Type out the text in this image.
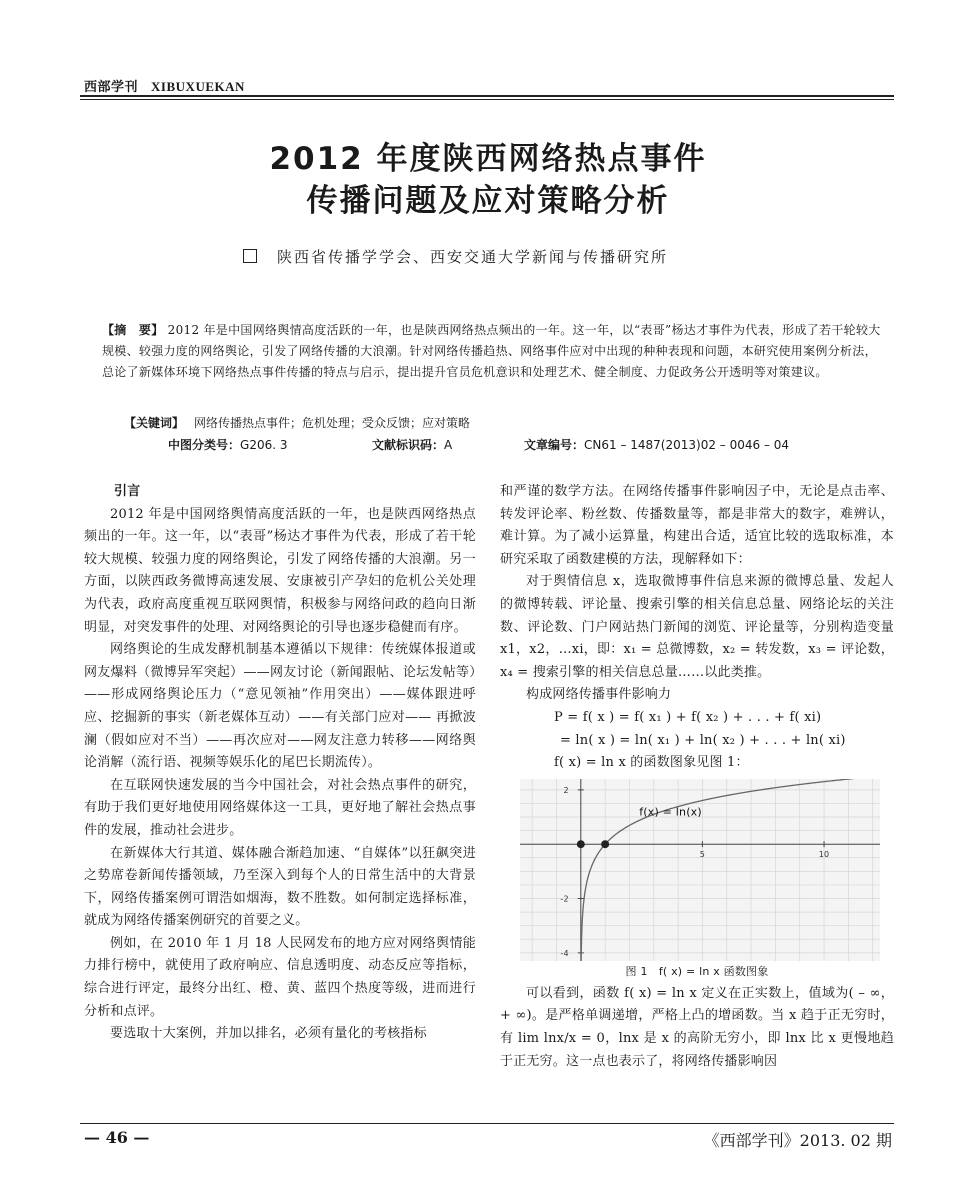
西部学刊 XIBUXUEKAN
2012 年度陕西网络热点事件
传播问题及应对策略分析
陕西省传播学学会、西安交通大学新闻与传播研究所
【摘　要】 2012 年是中国网络舆情高度活跃的一年，也是陕西网络热点频出的一年。这一年，以“表哥”杨达才事件为代表，形成了若干轮较大规模、较强力度的网络舆论，引发了网络传播的大浪潮。针对网络传播趋热、网络事件应对中出现的种种表现和问题，本研究使用案例分析法，总论了新媒体环境下网络热点事件传播的特点与启示，提出提升官员危机意识和处理艺术、健全制度、力促政务公开透明等对策建议。
【关键词】 网络传播热点事件；危机处理；受众反馈；应对策略
中图分类号：G206. 3	文献标识码：A	文章编号：CN61 – 1487(2013)02 – 0046 – 04
引言

2012 年是中国网络舆情高度活跃的一年，也是陕西网络热点频出的一年。这一年，以“表哥”杨达才事件为代表，形成了若干轮较大规模、较强力度的网络舆论，引发了网络传播的大浪潮。另一方面，以陕西政务微博高速发展、安康被引产孕妇的危机公关处理为代表，政府高度重视互联网舆情，积极参与网络问政的趋向日渐明显，对突发事件的处理、对网络舆论的引导也逐步稳健而有序。

网络舆论的生成发酵机制基本遵循以下规律：传统媒体报道或网友爆料（微博异军突起）——网友讨论（新闻跟帖、论坛发帖等）——形成网络舆论压力（“意见领袖”作用突出）——媒体跟进呼应、挖掘新的事实（新老媒体互动）——有关部门应对—— 再掀波澜（假如应对不当）——再次应对——网友注意力转移——网络舆论消解（流行语、视频等娱乐化的尾巴长期流传）。

在互联网快速发展的当今中国社会，对社会热点事件的研究，有助于我们更好地使用网络媒体这一工具，更好地了解社会热点事件的发展，推动社会进步。

在新媒体大行其道、媒体融合渐趋加速、“自媒体”以狂飙突进之势席卷新闻传播领域，乃至深入到每个人的日常生活中的大背景下，网络传播案例可谓浩如烟海，数不胜数。如何制定选择标准，就成为网络传播案例研究的首要之义。

例如，在 2010 年 1 月 18 人民网发布的地方应对网络舆情能力排行榜中，就使用了政府响应、信息透明度、动态反应等指标，综合进行评定，最终分出红、橙、黄、蓝四个热度等级，进而进行分析和点评。

要选取十大案例，并加以排名，必须有量化的考核指标

和严谨的数学方法。在网络传播事件影响因子中，无论是点击率、转发评论率、粉丝数、传播数量等，都是非常大的数字，难辨认，难计算。为了减小运算量，构建出合适，适宜比较的选取标准，本研究采取了函数建模的方法，现解释如下：

对于舆情信息 x，选取微博事件信息来源的微博总量、发起人的微博转载、评论量、搜索引擎的相关信息总量、网络论坛的关注数、评论数、门户网站热门新闻的浏览、评论量等，分别构造变量 x1，x2，…xi，即：x₁ = 总微博数，x₂ = 转发数，x₃ = 评论数，x₄ = 搜索引擎的相关信息总量……以此类推。

构成网络传播事件影响力

P = f( x ) = f( x₁ ) + f( x₂ ) + . . . + f( xi)

= ln( x ) = ln( x₁ ) + ln( x₂ ) + . . . + ln( xi)

f( x) = ln x 的函数图象见图 1：

5	10
2
-2
-4
f(x) = ln(x)
图 1　f( x) = ln x 函数图象

可以看到，函数 f( x) = ln x 定义在正实数上，值域为( – ∞，+ ∞)。是严格单调递增，严格上凸的增函数。当 x 趋于正无穷时，有 lim lnx/x = 0，lnx 是 x 的高阶无穷小，即 lnx 比 x 更慢地趋于正无穷。这一点也表示了，将网络传播影响因

— 46 —	《西部学刊》2013. 02 期
